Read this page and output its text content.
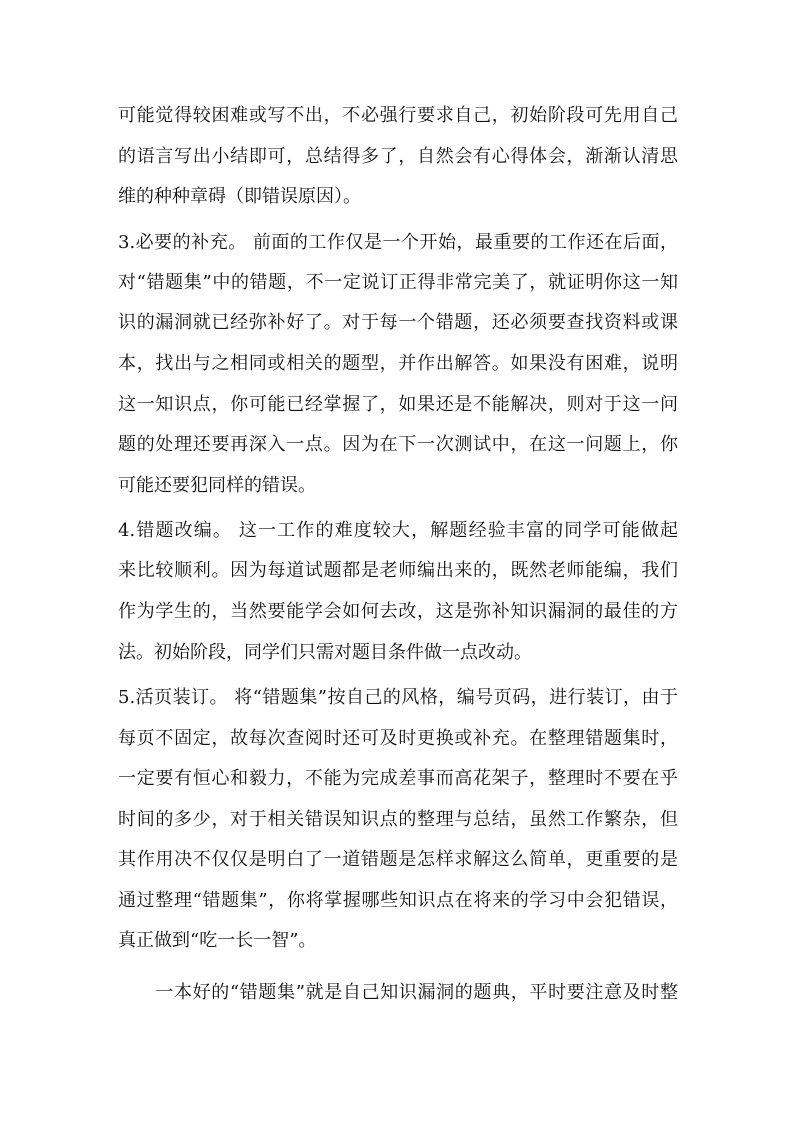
可能觉得较困难或写不出，不必强行要求自己，初始阶段可先用自己
的语言写出小结即可，总结得多了，自然会有心得体会，渐渐认清思
维的种种章碍（即错误原因）。
3.必要的补充。 前面的工作仅是一个开始，最重要的工作还在后面，
对“错题集”中的错题，不一定说订正得非常完美了，就证明你这一知
识的漏洞就已经弥补好了。对于每一个错题，还必须要查找资料或课
本，找出与之相同或相关的题型，并作出解答。如果没有困难，说明
这一知识点，你可能已经掌握了，如果还是不能解决，则对于这一问
题的处理还要再深入一点。因为在下一次测试中，在这一问题上，你
可能还要犯同样的错误。
4.错题改编。 这一工作的难度较大，解题经验丰富的同学可能做起
来比较顺利。因为每道试题都是老师编出来的，既然老师能编，我们
作为学生的，当然要能学会如何去改，这是弥补知识漏洞的最佳的方
法。初始阶段，同学们只需对题目条件做一点改动。
5.活页装订。 将“错题集”按自己的风格，编号页码，进行装订，由于
每页不固定，故每次查阅时还可及时更换或补充。在整理错题集时，
一定要有恒心和毅力，不能为完成差事而高花架子，整理时不要在乎
时间的多少，对于相关错误知识点的整理与总结，虽然工作繁杂，但
其作用决不仅仅是明白了一道错题是怎样求解这么简单，更重要的是
通过整理“错题集”，你将掌握哪些知识点在将来的学习中会犯错误，
真正做到“吃一长一智”。
　　一本好的“错题集”就是自己知识漏洞的题典，平时要注意及时整
